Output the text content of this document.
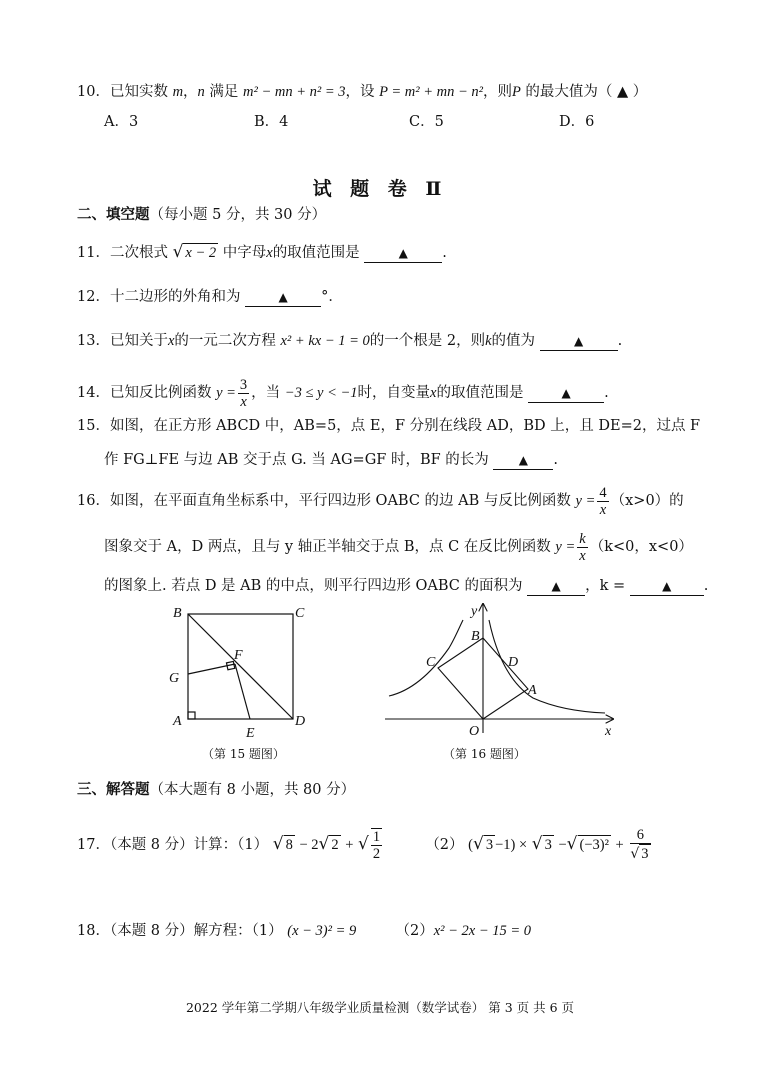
10．已知实数 m，n 满足 m² − mn + n² = 3，设 P = m² + mn − n²，则P 的最大值为（ ▲ ）
A．3	B．4	C．5	D．6
试 题 卷 Ⅱ
二、填空题（每小题 5 分，共 30 分）
11．二次根式 √ x − 2 中字母x的取值范围是	▲ .
12．十二边形的外角和为	▲ °．
13．已知关于x的一元二次方程 x² + kx − 1 = 0的一个根是 2，则k的值为	▲ .
14．已知反比例函数 $y = \frac{3}{x}$ ，当 −3 ≤ y < −1时，自变量x的取值范围是	▲ .
15．如图，在正方形 ABCD 中，AB=5，点 E，F 分别在线段 AD，BD 上，且 DE=2，过点 F
作 FG⊥FE 与边 AB 交于点 G. 当 AG=GF 时，BF 的长为 ▲ .
16．如图，在平面直角坐标系中，平行四边形 OABC 的边 AB 与反比例函数 $y = \frac{4}{x} (x>0)$的
图象交于 A，D 两点，且与 y 轴正半轴交于点 B，点 C 在反比例函数 $y = \frac{k}{x} (k<0$，x<0）
的图象上. 若点 D 是 AB 的中点，则平行四边形 OABC 的面积为 ▲ ，k =	▲ .
B	C
F
G
A
E
D
（第 15 题图）
y
B
C	D
A
O	x
（第 16 题图）
三、解答题（本大题有 8 小题，共 80 分）
17．（本题 8 分）计算：（1） √ 8 − 2√ 2 + √ $\frac{1}{2}$	（2） (√ 3 −1) × √ 3 −√ $(-3)^2 + \frac{6}{√ 3}$
18．（本题 8 分）解方程：（1） (x − 3)² = 9	（2）x² − 2x − 15 = 0
2022 学年第二学期八年级学业质量检测（数学试卷） 第 3 页 共 6 页
